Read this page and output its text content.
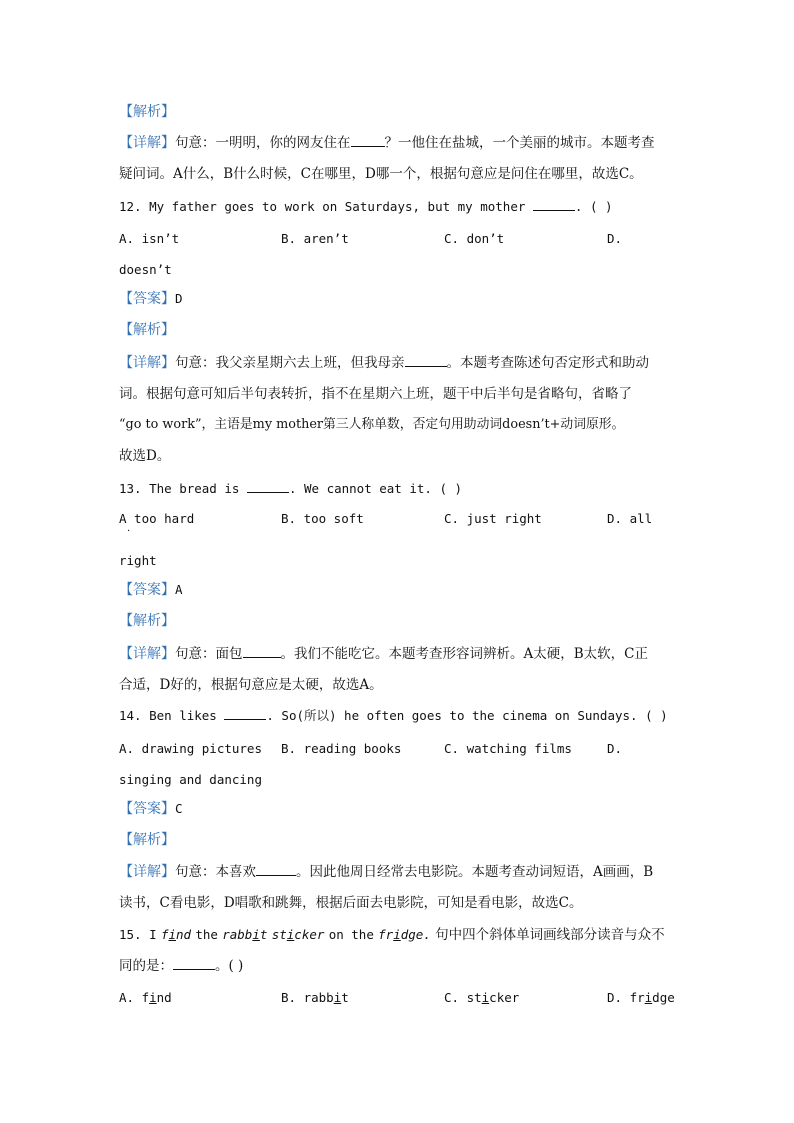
【解析】
【详解】句意：一明明，你的网友住在	？一他住在盐城，一个美丽的城市。本题考查
疑问词。A什么，B什么时候，C在哪里，D哪一个，根据句意应是问住在哪里，故选C。
12. My father goes to work on Saturdays, but my mother	. ( )
A. isn’t	B. aren’t	C. don’t	D.
doesn’t
【答案】D
【解析】
【详解】句意：我父亲星期六去上班，但我母亲	。本题考查陈述句否定形式和助动
词。根据句意可知后半句表转折，指不在星期六上班，题干中后半句是省略句，省略了
“go to work”，主语是my mother第三人称单数，否定句用助动词doesn’t+动词原形。
故选D。
13. The bread is	. We cannot eat it. ( )
A too hard
·
B. too soft	C. just right	D. all
right
【答案】A
【解析】
【详解】句意：面包	。我们不能吃它。本题考查形容词辨析。A太硬，B太软，C正
合适，D好的，根据句意应是太硬，故选A。
14. Ben likes	. So(所以) he often goes to the cinema on Sundays. ( )
A. drawing pictures B. reading books	C. watching films	D.
singing and dancing
【答案】C
【解析】
【详解】句意：本喜欢	。因此他周日经常去电影院。本题考查动词短语，A画画，B
读书，C看电影，D唱歌和跳舞，根据后面去电影院，可知是看电影，故选C。
15. I find the rabbit sticker on the fridge. 句中四个斜体单词画线部分读音与众不
同的是：	。( )
A. find	B. rabbit	C. sticker	D. fridge
